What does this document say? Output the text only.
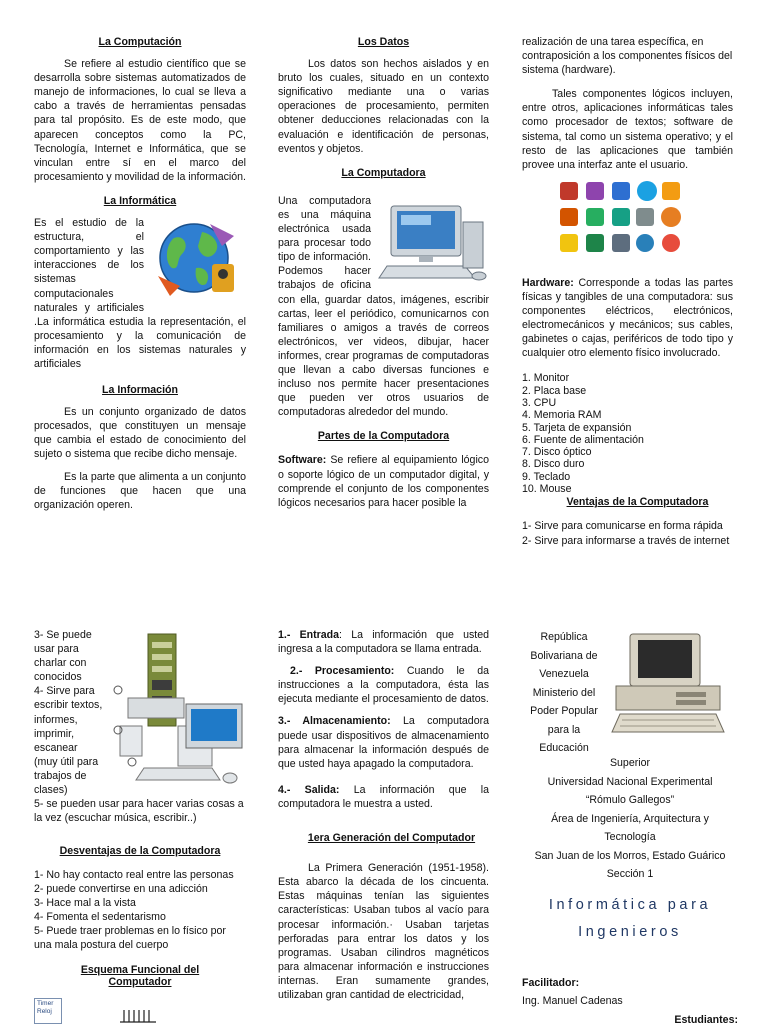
La Computación
Se refiere al estudio científico que se desarrolla sobre sistemas automatizados de manejo de informaciones, lo cual se lleva a cabo a través de herramientas pensadas para tal propósito. Es de este modo, que aparecen conceptos como la PC, Tecnología, Internet e Informática, que se vinculan entre sí en el marco del procesamiento y movilidad de la información.
La Informática
Es el estudio de la estructura, el comportamiento y las interacciones de los sistemas computacionales naturales y artificiales .La informática estudia la representación, el procesamiento y la comunicación de información en los sistemas naturales y artificiales
La Información
Es un conjunto organizado de datos procesados, que constituyen un mensaje que cambia el estado de conocimiento del sujeto o sistema que recibe dicho mensaje.
Es la parte que alimenta a un conjunto de funciones que hacen que una organización operen.
Los Datos
Los datos son hechos aislados y en bruto los cuales, situado en un contexto significativo mediante una o varias operaciones de procesamiento, permiten obtener deducciones relacionadas con la evaluación e identificación de personas, eventos y objetos.
La Computadora
Una computadora es una máquina electrónica usada para procesar todo tipo de información. Podemos hacer trabajos de oficina con ella, guardar datos, imágenes, escribir cartas, leer el periódico, comunicarnos con familiares o amigos a través de correos electrónicos, ver videos, dibujar, hacer informes, crear programas de computadoras que llevan a cabo diversas funciones e incluso nos permite hacer presentaciones que pueden ver otros usuarios de computadoras alrededor del mundo.
Partes de la Computadora
Software: Se refiere al equipamiento lógico o soporte lógico de un computador digital, y comprende el conjunto de los componentes lógicos necesarios para hacer posible la
realización de una tarea específica, en contraposición a los componentes físicos del sistema (hardware).
Tales componentes lógicos incluyen, entre otros, aplicaciones informáticas tales como procesador de textos; software de sistema, tal como un sistema operativo; y el resto de las aplicaciones que también provee una interfaz ante el usuario.
Hardware: Corresponde a todas las partes físicas y tangibles de una computadora: sus componentes eléctricos, electrónicos, electromecánicos y mecánicos; sus cables, gabinetes o cajas, periféricos de todo tipo y cualquier otro elemento físico involucrado.
1. Monitor
2. Placa base
3. CPU
4. Memoria RAM
5. Tarjeta de expansión
6. Fuente de alimentación
7. Disco óptico
8. Disco duro
9. Teclado
10. Mouse
Ventajas de la Computadora
1- Sirve para comunicarse en forma rápida
2- Sirve para informarse a través de internet
3- Se puede usar para charlar con conocidos
4- Sirve para escribir textos, informes, imprimir, escanear (muy útil para trabajos de clases)
5- se pueden usar para hacer varias cosas a la vez (escuchar música, escribir..)
Desventajas de la Computadora
1- No hay contacto real entre las personas
2- puede convertirse en una adicción
3- Hace mal a la vista
4- Fomenta el sedentarismo
5- Puede traer problemas en lo físico por una mala postura del cuerpo
Esquema Funcional del Computador
Timer
Reloj
1.- Entrada: La información que usted ingresa a la computadora se llama entrada.
2.- Procesamiento: Cuando le da instrucciones a la computadora, ésta las ejecuta mediante el procesamiento de datos.
3.- Almacenamiento: La computadora puede usar dispositivos de almacenamiento para almacenar la información después de que usted haya apagado la computadora.
4.- Salida: La información que la computadora le muestra a usted.
1era Generación del Computador
La Primera Generación (1951-1958). Esta abarco la década de los cincuenta. Estas máquinas tenían las siguientes características: Usaban tubos al vacío para procesar información.· Usaban tarjetas perforadas para entrar los datos y los programas. Usaban cilindros magnéticos para almacenar información e instrucciones internas. Eran sumamente grandes, utilizaban gran cantidad de electricidad,
República
Bolivariana de
Venezuela
Ministerio del
Poder Popular
para la
Educación
Superior
Universidad Nacional Experimental
“Rómulo Gallegos”
Área de Ingeniería, Arquitectura y Tecnología
San Juan de los Morros, Estado Guárico
Sección 1
Informática para
Ingenieros
Facilitador:
Ing. Manuel Cadenas
Estudiantes:
